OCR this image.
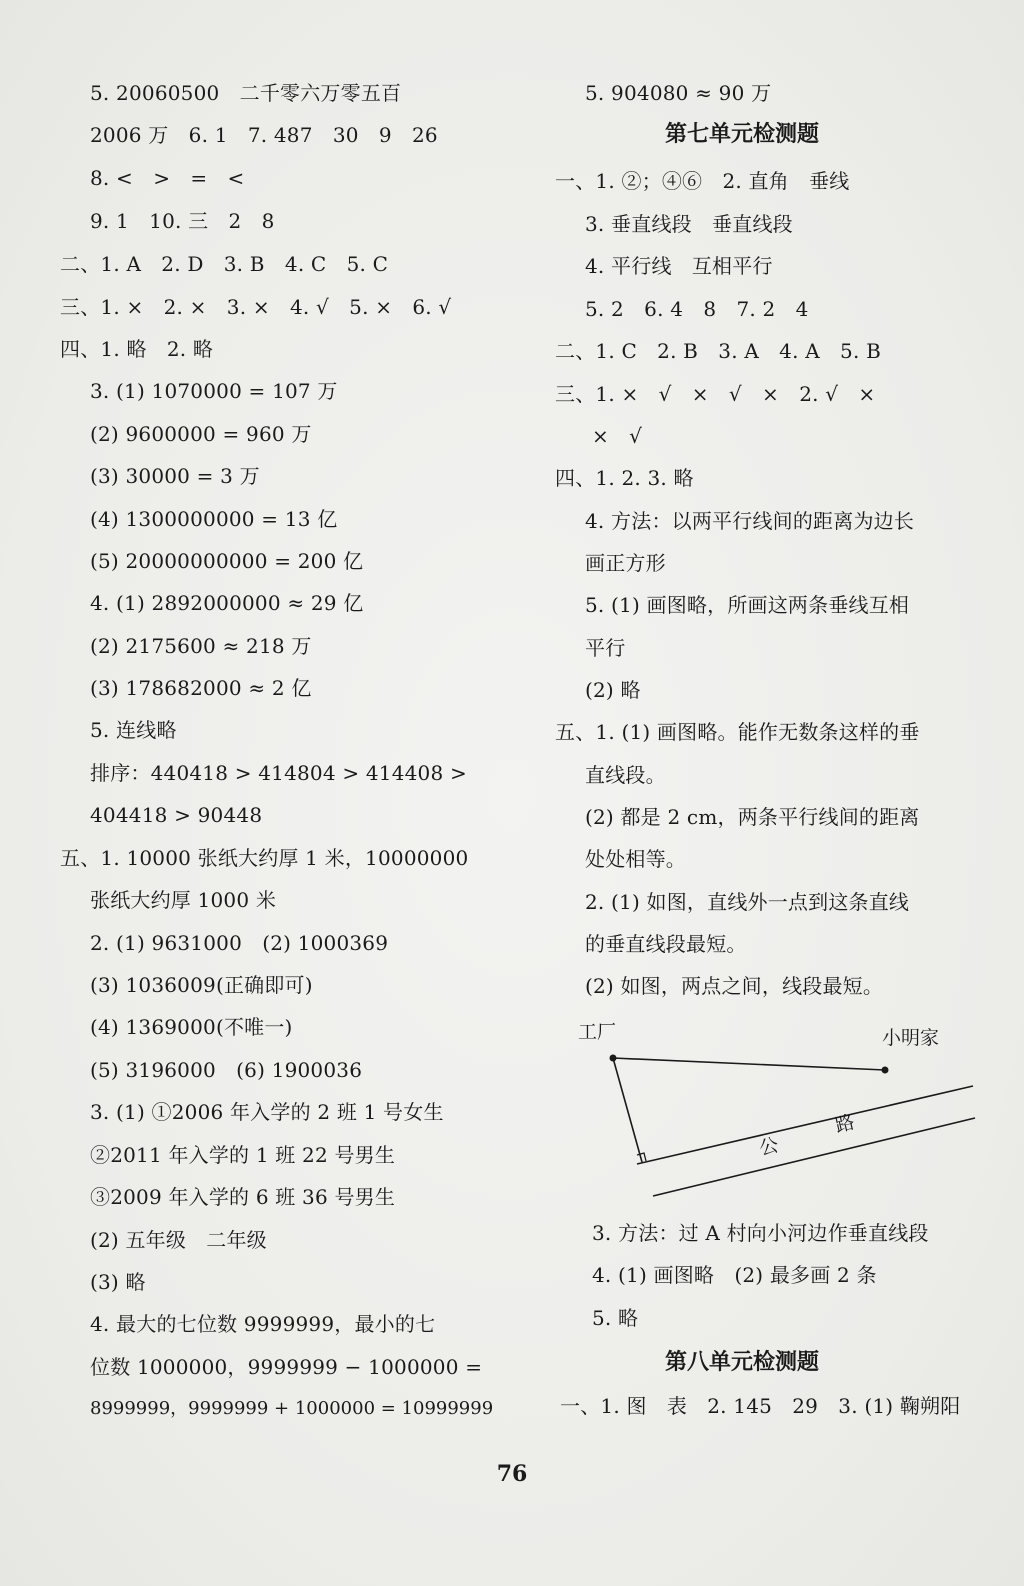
5. 20060500　二千零六万零五百
2006 万　6. 1　7. 487　30　9　26
8. <　>　=　<
9. 1　10. 三　2　8
二、1. A　2. D　3. B　4. C　5. C
三、1. ×　2. ×　3. ×　4. √　5. ×　6. √
四、1. 略　2. 略
3. (1) 1070000 = 107 万
(2) 9600000 = 960 万
(3) 30000 = 3 万
(4) 1300000000 = 13 亿
(5) 20000000000 = 200 亿
4. (1) 2892000000 ≈ 29 亿
(2) 2175600 ≈ 218 万
(3) 178682000 ≈ 2 亿
5. 连线略
排序：440418 > 414804 > 414408 >
404418 > 90448
五、1. 10000 张纸大约厚 1 米，10000000
张纸大约厚 1000 米
2. (1) 9631000　(2) 1000369
(3) 1036009(正确即可)
(4) 1369000(不唯一)
(5) 3196000　(6) 1900036
3. (1) ①2006 年入学的 2 班 1 号女生
②2011 年入学的 1 班 22 号男生
③2009 年入学的 6 班 36 号男生
(2) 五年级　二年级
(3) 略
4. 最大的七位数 9999999，最小的七
位数 1000000，9999999 − 1000000 =
8999999，9999999 + 1000000 = 10999999
5. 904080 ≈ 90 万
第七单元检测题
一、1. ②；④⑥　2. 直角　垂线
3. 垂直线段　垂直线段
4. 平行线　互相平行
5. 2　6. 4　8　7. 2　4
二、1. C　2. B　3. A　4. A　5. B
三、1. ×　√　×　√　×　2. √　×
×　√
四、1. 2. 3. 略
4. 方法：以两平行线间的距离为边长
画正方形
5. (1) 画图略，所画这两条垂线互相
平行
(2) 略
五、1. (1) 画图略。能作无数条这样的垂
直线段。
(2) 都是 2 cm，两条平行线间的距离
处处相等。
2. (1) 如图，直线外一点到这条直线
的垂直线段最短。
(2) 如图，两点之间，线段最短。
工厂	小明家
公
路
3. 方法：过 A 村向小河边作垂直线段
4. (1) 画图略　(2) 最多画 2 条
5. 略
第八单元检测题
一、1. 图　表　2. 145　29　3. (1) 鞠朔阳
76
